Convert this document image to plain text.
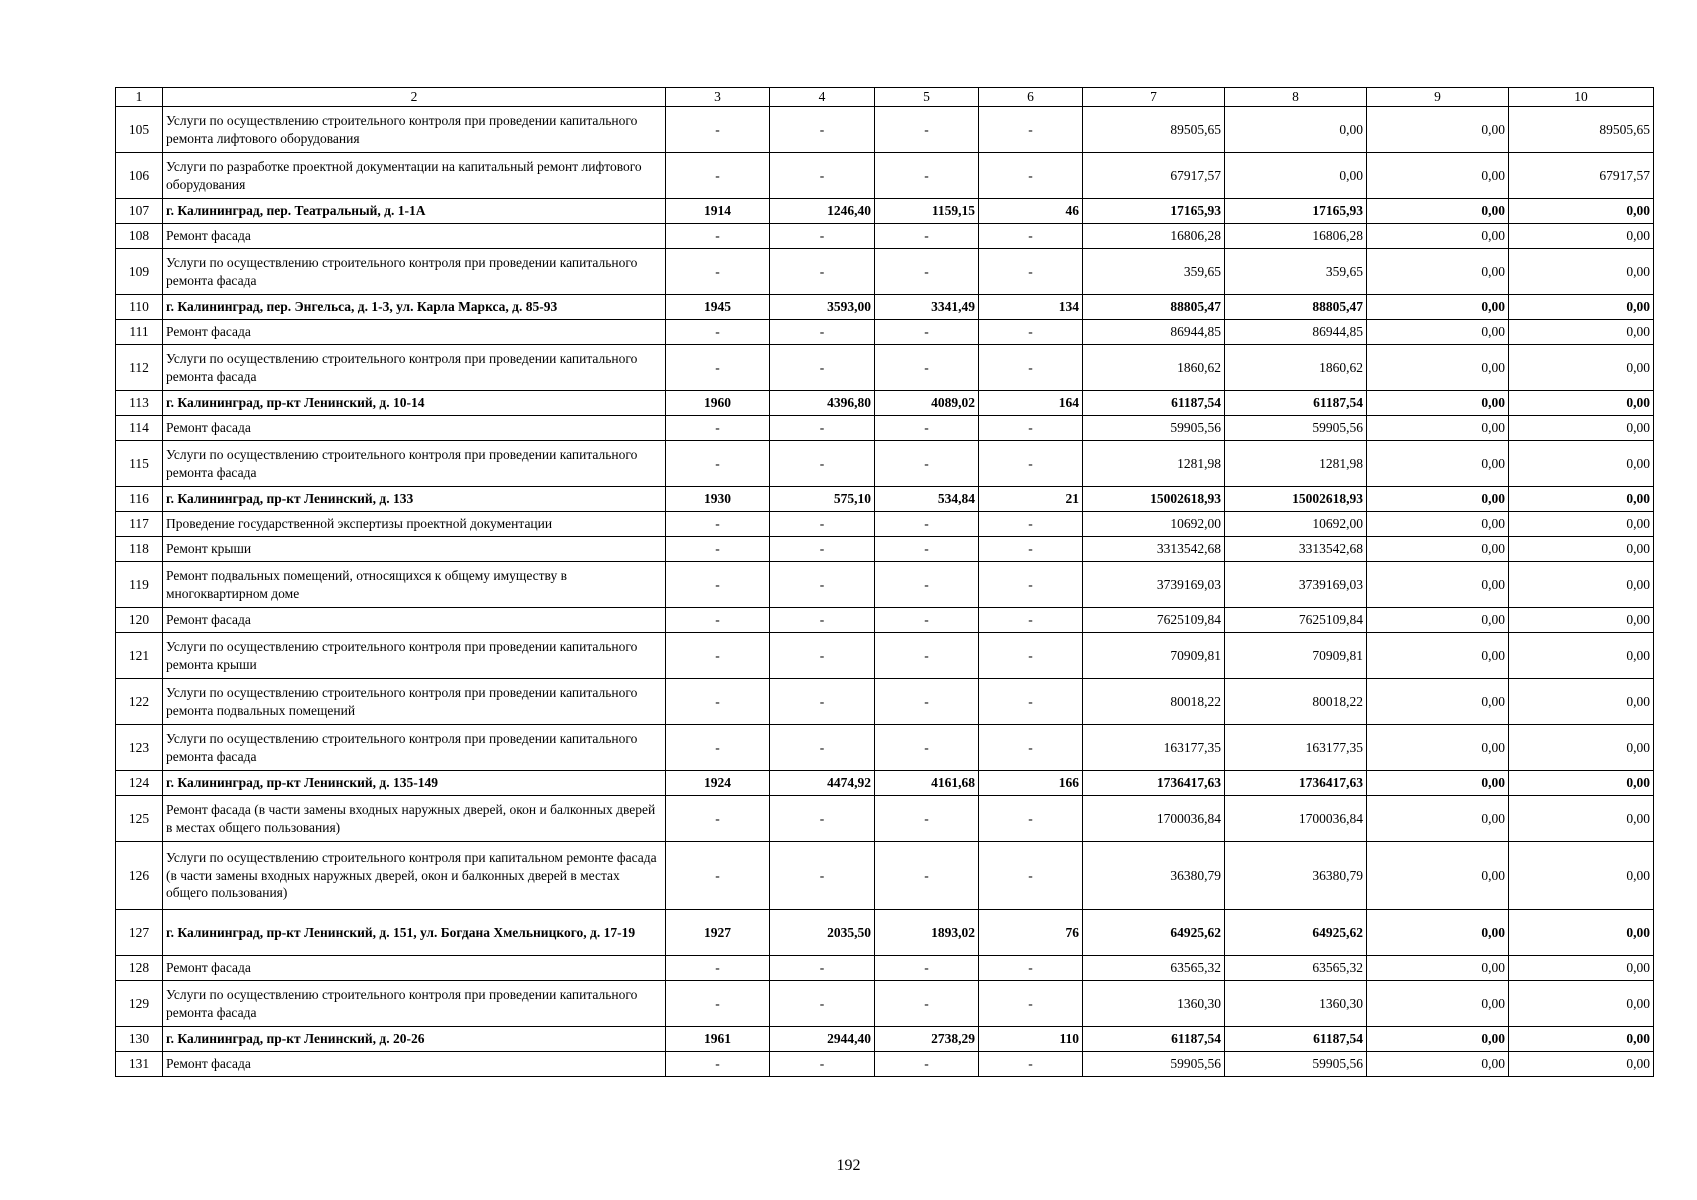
1	2	3	4	5	6	7	8	9	10
105	Услуги по осуществлению строительного контроля при проведении капитального ремонта лифтового оборудования	-	-	-	-	89505,65	0,00	0,00	89505,65
106	Услуги по разработке проектной документации на капитальный ремонт лифтового оборудования	-	-	-	-	67917,57	0,00	0,00	67917,57
107	г. Калининград, пер. Театральный, д. 1-1А	1914	1246,40	1159,15	46	17165,93	17165,93	0,00	0,00
108	Ремонт фасада	-	-	-	-	16806,28	16806,28	0,00	0,00
109	Услуги по осуществлению строительного контроля при проведении капитального ремонта фасада	-	-	-	-	359,65	359,65	0,00	0,00
110	г. Калининград, пер. Энгельса, д. 1-3, ул. Карла Маркса, д. 85-93	1945	3593,00	3341,49	134	88805,47	88805,47	0,00	0,00
111	Ремонт фасада	-	-	-	-	86944,85	86944,85	0,00	0,00
112	Услуги по осуществлению строительного контроля при проведении капитального ремонта фасада	-	-	-	-	1860,62	1860,62	0,00	0,00
113	г. Калининград, пр-кт Ленинский, д. 10-14	1960	4396,80	4089,02	164	61187,54	61187,54	0,00	0,00
114	Ремонт фасада	-	-	-	-	59905,56	59905,56	0,00	0,00
115	Услуги по осуществлению строительного контроля при проведении капитального ремонта фасада	-	-	-	-	1281,98	1281,98	0,00	0,00
116	г. Калининград, пр-кт Ленинский, д. 133	1930	575,10	534,84	21	15002618,93	15002618,93	0,00	0,00
117	Проведение государственной экспертизы проектной документации	-	-	-	-	10692,00	10692,00	0,00	0,00
118	Ремонт крыши	-	-	-	-	3313542,68	3313542,68	0,00	0,00
119	Ремонт подвальных помещений, относящихся к общему имуществу в многоквартирном доме	-	-	-	-	3739169,03	3739169,03	0,00	0,00
120	Ремонт фасада	-	-	-	-	7625109,84	7625109,84	0,00	0,00
121	Услуги по осуществлению строительного контроля при проведении капитального ремонта крыши	-	-	-	-	70909,81	70909,81	0,00	0,00
122	Услуги по осуществлению строительного контроля при проведении капитального ремонта подвальных помещений	-	-	-	-	80018,22	80018,22	0,00	0,00
123	Услуги по осуществлению строительного контроля при проведении капитального ремонта фасада	-	-	-	-	163177,35	163177,35	0,00	0,00
124	г. Калининград, пр-кт Ленинский, д. 135-149	1924	4474,92	4161,68	166	1736417,63	1736417,63	0,00	0,00
125	Ремонт фасада (в части замены входных наружных дверей, окон и балконных дверей в местах общего пользования)	-	-	-	-	1700036,84	1700036,84	0,00	0,00
126	Услуги по осуществлению строительного контроля при капитальном ремонте фасада (в части замены входных наружных дверей, окон и балконных дверей в местах общего пользования)	-	-	-	-	36380,79	36380,79	0,00	0,00
127	г. Калининград, пр-кт Ленинский, д. 151, ул. Богдана Хмельницкого, д. 17-19	1927	2035,50	1893,02	76	64925,62	64925,62	0,00	0,00
128	Ремонт фасада	-	-	-	-	63565,32	63565,32	0,00	0,00
129	Услуги по осуществлению строительного контроля при проведении капитального ремонта фасада	-	-	-	-	1360,30	1360,30	0,00	0,00
130	г. Калининград, пр-кт Ленинский, д. 20-26	1961	2944,40	2738,29	110	61187,54	61187,54	0,00	0,00
131	Ремонт фасада	-	-	-	-	59905,56	59905,56	0,00	0,00
192
